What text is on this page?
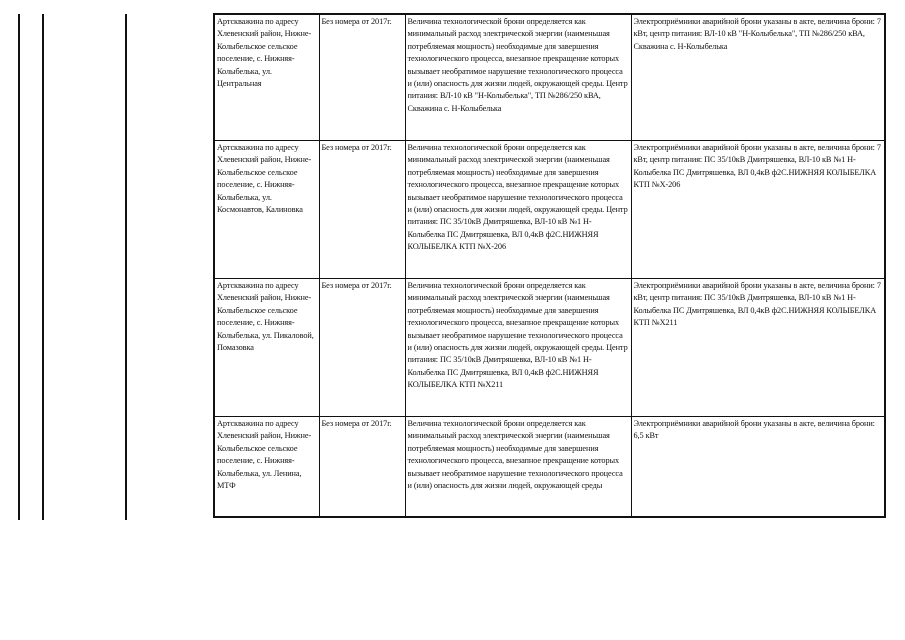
Артскважина по адресу Хлевенский район, Нижне-Колыбельское сельское поселение, с. Нижняя-Колыбелька, ул. Центральная	Без номера от 2017г.	Величина технологической брони определяется как минимальный расход электрической энергии (наименьшая потребляемая мощность) необходимые для завершения технологического процесса, внезапное прекращение которых вызывает необратимое нарушение технологического процесса и (или) опасность для жизни людей, окружающей среды. Центр питания: ВЛ-10 кВ "Н-Колыбелька", ТП №286/250 кВА, Скважина с. Н-Колыбелька	Электроприёмники аварийной брони указаны в акте, величина брони: 7 кВт, центр питания: ВЛ-10 кВ "Н-Колыбелька", ТП №286/250 кВА, Скважина с. Н-Колыбелька
Артскважина по адресу Хлевенский район, Нижне-Колыбельское сельское поселение, с. Нижняя-Колыбелька, ул. Космонавтов, Калиновка	Без номера от 2017г.	Величина технологической брони определяется как минимальный расход электрической энергии (наименьшая потребляемая мощность) необходимые для завершения технологического процесса, внезапное прекращение которых вызывает необратимое нарушение технологического процесса и (или) опасность для жизни людей, окружающей среды. Центр питания: ПС 35/10кВ Дмитряшевка, ВЛ-10 кВ №1 Н-Колыбелка ПС Дмитряшевка, ВЛ 0,4кВ ф2С.НИЖНЯЯ КОЛЫБЕЛКА КТП №Х-206	Электроприёмники аварийной брони указаны в акте, величина брони: 7 кВт, центр питания: ПС 35/10кВ Дмитряшевка, ВЛ-10 кВ №1 Н-Колыбелка ПС Дмитряшевка, ВЛ 0,4кВ ф2С.НИЖНЯЯ КОЛЫБЕЛКА КТП №Х-206
Артскважина по адресу Хлевенский район, Нижне-Колыбельское сельское поселение, с. Нижняя-Колыбелька, ул. Пикаловой, Помазовка	Без номера от 2017г.	Величина технологической брони определяется как минимальный расход электрической энергии (наименьшая потребляемая мощность) необходимые для завершения технологического процесса, внезапное прекращение которых вызывает необратимое нарушение технологического процесса и (или) опасность для жизни людей, окружающей среды. Центр питания: ПС 35/10кВ Дмитряшевка, ВЛ-10 кВ №1 Н-Колыбелка ПС Дмитряшевка, ВЛ 0,4кВ ф2С.НИЖНЯЯ КОЛЫБЕЛКА КТП №Х211	Электроприёмники аварийной брони указаны в акте, величина брони: 7 кВт, центр питания: ПС 35/10кВ Дмитряшевка, ВЛ-10 кВ №1 Н-Колыбелка ПС Дмитряшевка, ВЛ 0,4кВ ф2С.НИЖНЯЯ КОЛЫБЕЛКА КТП №Х211
Артскважина по адресу Хлевенский район, Нижне-Колыбельское сельское поселение, с. Нижняя-Колыбелька, ул. Ленина, МТФ	Без номера от 2017г.	Величина технологической брони определяется как минимальный расход электрической энергии (наименьшая потребляемая мощность) необходимые для завершения технологического процесса, внезапное прекращение которых вызывает необратимое нарушение технологического процесса и (или) опасность для жизни людей, окружающей среды	Электроприёмники аварийной брони указаны в акте, величина брони: 6,5 кВт
